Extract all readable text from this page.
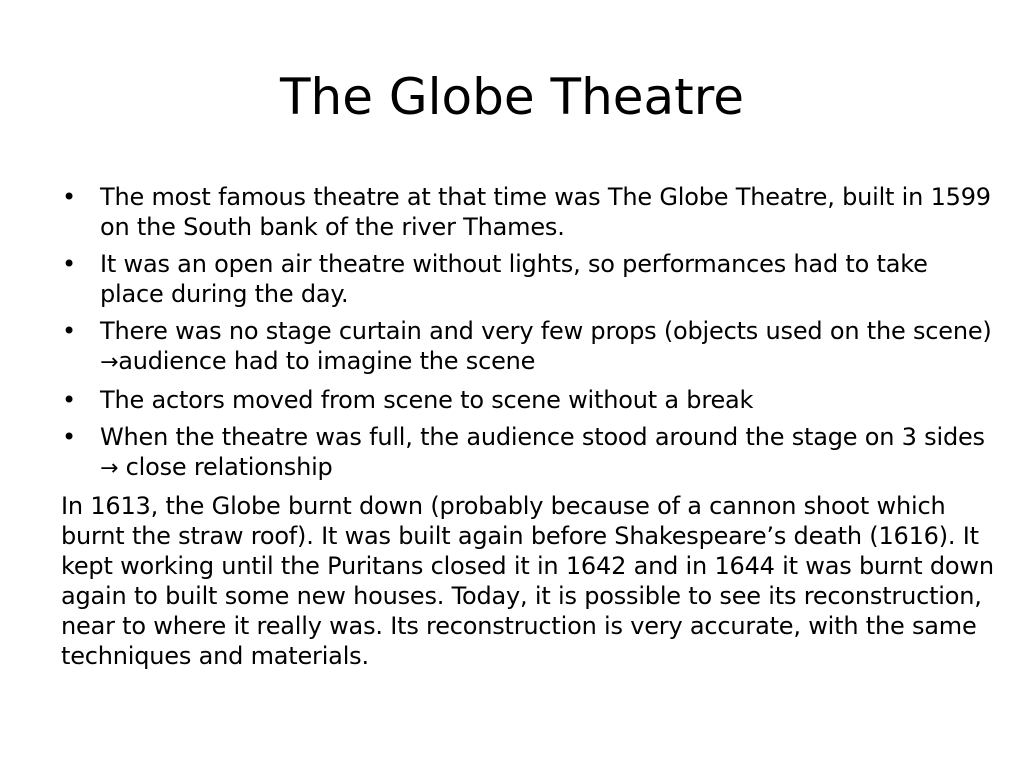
The Globe Theatre
• The most famous theatre at that time was The Globe Theatre, built in 1599 on the South bank of the river Thames.
• It was an open air theatre without lights, so performances had to take place during the day.
• There was no stage curtain and very few props (objects used on the scene) →audience had to imagine the scene
• The actors moved from scene to scene without a break
• When the theatre was full, the audience stood around the stage on 3 sides → close relationship

In 1613, the Globe burnt down (probably because of a cannon shoot which burnt the straw roof). It was built again before Shakespeare’s death (1616). It kept working until the Puritans closed it in 1642 and in 1644 it was burnt down again to built some new houses. Today, it is possible to see its reconstruction, near to where it really was. Its reconstruction is very accurate, with the same techniques and materials.
